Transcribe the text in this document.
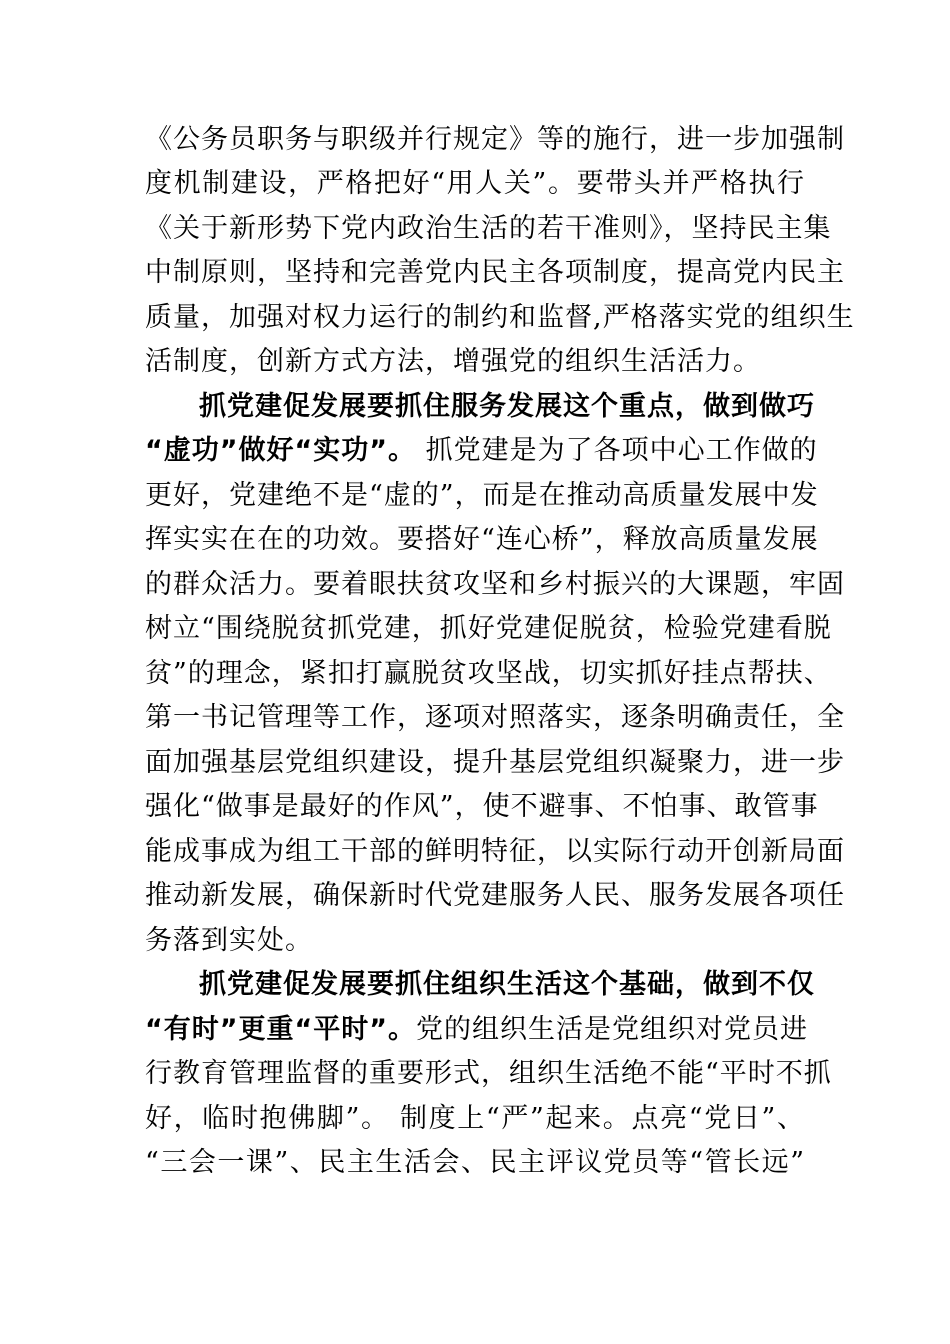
《公务员职务与职级并行规定》等的施行，进一步加强制
度机制建设，严格把好“用人关”。要带头并严格执行
《关于新形势下党内政治生活的若干准则》，坚持民主集
中制原则，坚持和完善党内民主各项制度，提高党内民主
质量，加强对权力运行的制约和监督,严格落实党的组织生
活制度，创新方式方法，增强党的组织生活活力。
抓党建促发展要抓住服务发展这个重点，做到做巧
“虚功”做好“实功”。 抓党建是为了各项中心工作做的
更好，党建绝不是“虚的”，而是在推动高质量发展中发
挥实实在在的功效。要搭好“连心桥”，释放高质量发展
的群众活力。要着眼扶贫攻坚和乡村振兴的大课题，牢固
树立“围绕脱贫抓党建，抓好党建促脱贫，检验党建看脱
贫”的理念，紧扣打赢脱贫攻坚战，切实抓好挂点帮扶、
第一书记管理等工作，逐项对照落实，逐条明确责任，全
面加强基层党组织建设，提升基层党组织凝聚力，进一步
强化“做事是最好的作风”，使不避事、不怕事、敢管事
能成事成为组工干部的鲜明特征，以实际行动开创新局面
推动新发展，确保新时代党建服务人民、服务发展各项任
务落到实处。
抓党建促发展要抓住组织生活这个基础，做到不仅
“有时”更重“平时”。党的组织生活是党组织对党员进
行教育管理监督的重要形式，组织生活绝不能“平时不抓
好，临时抱佛脚”。 制度上“严”起来。点亮“党日”、
“三会一课”、民主生活会、民主评议党员等“管长远”
